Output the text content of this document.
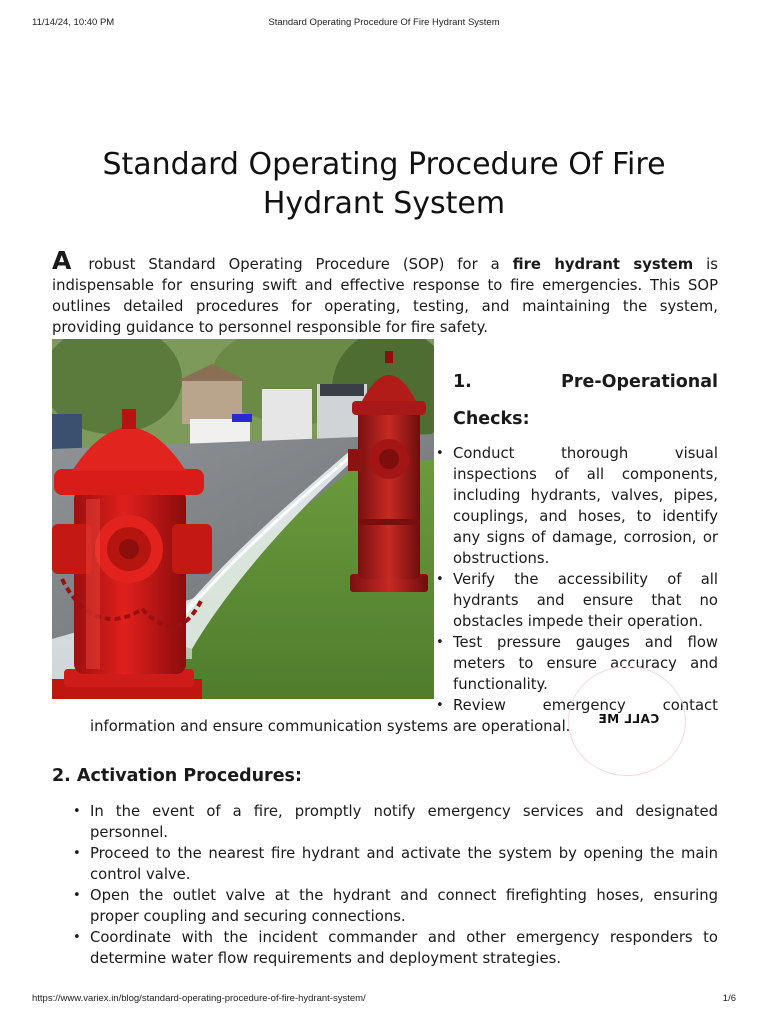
11/14/24, 10:40 PM	Standard Operating Procedure Of Fire Hydrant System
Standard Operating Procedure Of Fire Hydrant System

A robust Standard Operating Procedure (SOP) for a fire hydrant system is indispensable for ensuring swift and effective response to fire emergencies. This SOP outlines detailed procedures for operating, testing, and maintaining the system, providing guidance to personnel responsible for fire safety.

1.	Pre-Operational
Checks:
• Conduct thorough visual inspections of all components, including hydrants, valves, pipes, couplings, and hoses, to identify any signs of damage, corrosion, or obstructions.
• Verify the accessibility of all hydrants and ensure that no obstacles impede their operation.
• Test pressure gauges and flow meters to ensure accuracy and functionality.
• Review emergency contact
information and ensure communication systems are operational.	CALL ME
2. Activation Procedures:
• In the event of a fire, promptly notify emergency services and designated personnel.
• Proceed to the nearest fire hydrant and activate the system by opening the main control valve.
• Open the outlet valve at the hydrant and connect firefighting hoses, ensuring proper coupling and securing connections.
• Coordinate with the incident commander and other emergency responders to determine water flow requirements and deployment strategies.
https://www.variex.in/blog/standard-operating-procedure-of-fire-hydrant-system/	1/6
